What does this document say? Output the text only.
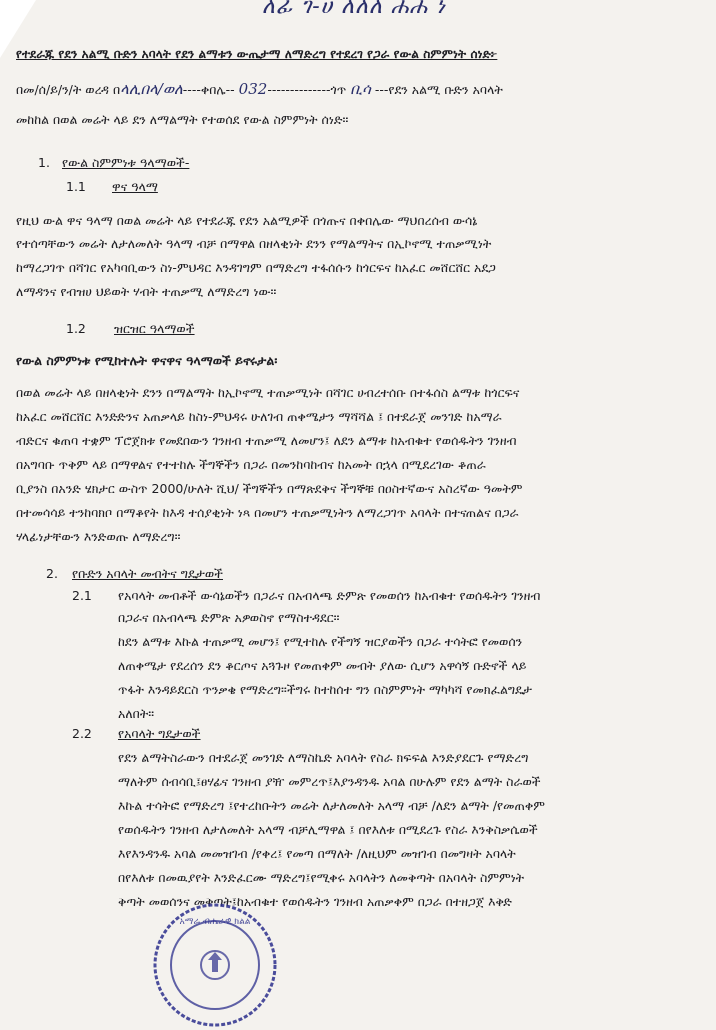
ለፊ ገ-ሀ ለለለ ሐሐ ነ
የተደራጁ የደን አልሚ ቡድን አባላት የደን ልማቱን ውጤታማ ለማድረግ የተደረገ የጋራ የውል ስምምነት ሰነድ፦
በመ/ሰ/ይ/ን/ት ወረዳ በላሊበላ/ወለ----ቀበሌ-- 032--------------ጎጥ ቢሳ ---የደን አልሚ ቡድን አባላት
መከከል በወል መሬት ላይ ደን ለማልማት የተወሰደ የውል ስምምነት ሰነድ።
1. የውል ስምምነቱ ዓላማወች-
1.1 ዋና ዓላማ
የዚህ ውል ዋና ዓላማ በወል መሬት ላይ የተደራጁ የደን አልሚዎች በጎጡና በቀበሌው ማህበረሰብ ውሳኔ
የተሰጣቸውን መሬት ለታለመለት ዓላማ ብቻ በማዋል በዘላቂነት ደንን የማልማትና በኢኮኖሚ ተጠቃሚነት
ከማረጋገጥ በሻገር የአካባቢውን ስነ-ምህዳር እንዳገግም በማድረግ ተፋሰሱን ከጎርፍና ከአፈር መሸርሸር አደጋ
ለማዳንና የብዝሀ ህይወት ሃብት ተጠቃሚ ለማድረግ ነው።
1.2 ዝርዝር ዓላማወች
የውል ስምምነቱ የሚከተሉት ዋናዋና ዓላማወች ይኖሩታል፡
በወል መሬት ላይ በዘላቂነት ደንን በማልማት ከኢኮኖሚ ተጠቃሚነት በሻገር ሀብረተሰቡ በተፋሰስ ልማቱ ከጎርፍና
ከአፈር መሸርሸር እንድድንና አጠቃላይ ከስነ-ምህዳሩ ሁለገብ ጠቀሜታን ማሻሻል ፤ በተደራጀ መንገድ ከአማራ
ብድርና ቁጠባ ተቋም ፕሮጀክቱ የመደበውን ገንዘብ ተጠቃሚ ለመሆን፤ ለደን ልማቱ ከአብቁተ የወሰዱትን ገንዘብ
በአግባቡ ጥቅም ላይ በማዋልና የተተከሉ ችግኞችን በጋራ በመንከባከብና ከአመት በኋላ በሚደረገው ቆጠራ
ቢያንስ በአንድ ሄክታር ውስጥ 2000/ሁለት ሺህ/ ችግኞችን በማጽደቅና ችግኞቹ በዐስተኛውና አስረኛው ዓመትም
በተመሳሳይ ተንከባክቦ በማቆየት ከእዳ ተሰያቂነት ነጻ በመሆን ተጠቃሚነትን ለማረጋገጥ አባላት በተናጠልና በጋራ
ሃላፊነታቸውን እንድወጡ ለማድረግ።
2. የቡድን አባላት መብትና ግዴታወች
2.1 የአባላት መብቶች ውሳኔወችን በጋራና በአብላጫ ድምጽ የመወሰን ከአብቁተ የወሰዱትን ገንዘብ
በጋራና በአብላጫ ድምጽ አዎወስኖ የማስተዳደር።
ከደን ልማቱ እኩል ተጠቃሚ መሆን፤ የሚተከሉ የችግኝ ዝርያወችን በጋራ ተሳትፎ የመወሰን
ለጠቀሜታ የደረሰን ደን ቆርጦና አጓጉዞ የመጠቀም መብት ያለው ሲሆን አዋሳኝ ቡድኖች ላይ
ጥፋት እንዳይደርስ ጥንቃቄ የማድረግ፡፡ችግሩ ከተከሰተ ግን በስምምነት ማካካሻ የመክፈልግዴታ
አለበት።
2.2 የአባላት ግዴታወች
የደን ልማትስራውን በተደራጀ መንገድ ለማስኬድ አባላት የስራ ክፍፍል እንድያደርጉ የማድረግ
ማለትም ሰብሳቢ፤ፀሃፊና ገንዘብ ያዥ መምረጥ፤እያንዳንዱ አባል በሁሉም የደን ልማት ስራወች
እኩል ተሳትፎ የማድረግ ፤የተረከቡትን መሬት ለታለመለት አላማ ብቻ /ለደን ልማት /የመጠቀም
የወሰዱትን ገንዘብ ለታለመለት አላማ ብቻሊማዋል ፤ በየእለቱ በሚደረጉ የስራ እንቅስቃሴወች
እየእንዳንዱ አባል መመዝገብ /የቀረ፤ የመጣ በማለት /ለዚህም መዝገብ በመግዛት አባላት
በየእለቱ በመዉያየት እንድፈርሙ ማድረግ፤የሚቀሩ አባላትን ለመቅጣት በአባላት ስምምነት
ቅጣት መወሰንና መቅጣት፤ከአብቁተ የወሰዱትን ገንዘብ አጠቃቀም በጋራ በተዘጋጀ እቅድ
አማራ ብሔራዊ ክልል
